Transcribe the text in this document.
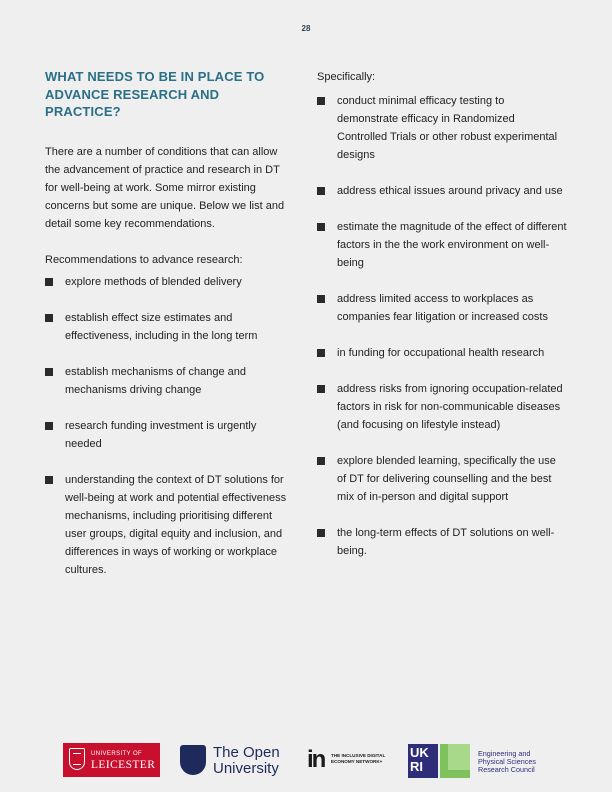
28
WHAT NEEDS TO BE IN PLACE TO ADVANCE RESEARCH AND PRACTICE?

There are a number of conditions that can allow the advancement of practice and research in DT for well-being at work. Some mirror existing concerns but some are unique. Below we list and detail some key recommendations.

Recommendations to advance research:

explore methods of blended delivery
establish effect size estimates and effectiveness, including in the long term
establish mechanisms of change and mechanisms driving change
research funding investment is urgently needed
understanding the context of DT solutions for well-being at work and potential effectiveness mechanisms, including prioritising different user groups, digital equity and inclusion, and differences in ways of working or workplace cultures.

Specifically:

conduct minimal efficacy testing to demonstrate efficacy in Randomized Controlled Trials or other robust experimental designs
address ethical issues around privacy and use
estimate the magnitude of the effect of different factors in the the work environment on well-being
address limited access to workplaces as companies fear litigation or increased costs
in funding for occupational health research
address risks from ignoring occupation-related factors in risk for non-communicable diseases (and focusing on lifestyle instead)
explore blended learning, specifically the use of DT for delivering counselling and the best mix of in-person and digital support
the long-term effects of DT solutions on well-being.
UNIVERSITY OF
LEICESTER
The Open
University in	THE INCLUSIVE DIGITAL ECONOMY NETWORK+
UK RI
Engineering and Physical Sciences Research Council
